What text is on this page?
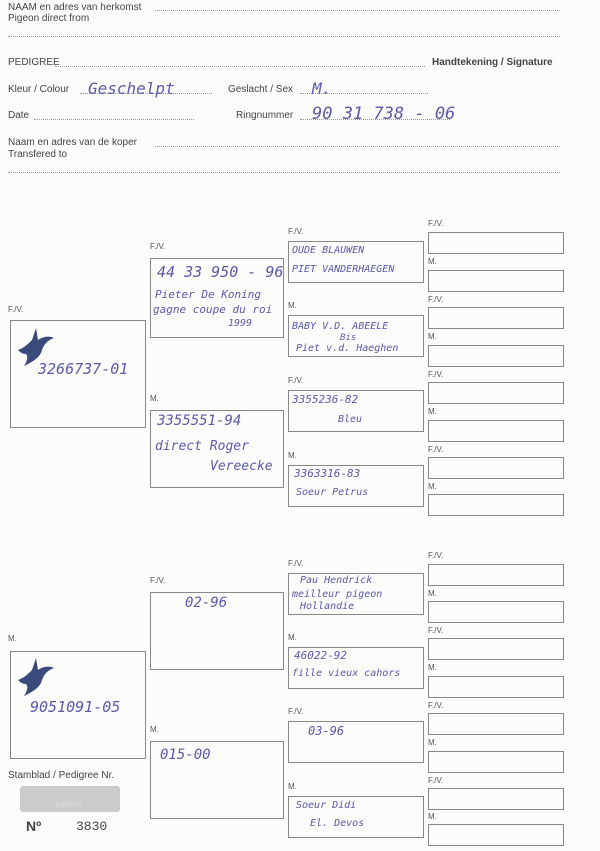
NAAM en adres van herkomst
Pigeon direct from
PEDIGREE	Handtekening / Signature
Kleur / Colour Geschelpt	Geslacht / Sex M.
Date	Ringnummer 90 31 738 - 06
Naam en adres van de koper
Transfered to
F./V.
3266737-01
F./V.
44 33 950 - 96
Pieter De Koning
gagne coupe du roi
1999
M.
3355551-94
direct Roger
Vereecke
F./V.
OUDE BLAUWEN
PIET VANDERHAEGEN
M.
BABY V.D. ABEELE
Bis
Piet v.d. Haeghen
F./V.
3355236-82
Bleu
M.
3363316-83
Soeur Petrus
F./V.
M.
F./V.
M.
F./V.
M.
F./V.
M.
M.
9051091-05
F./V.
02-96
M.
015-00
F./V.
Pau Hendrick
meilleur pigeon
Hollandie
M.
46022-92
fille vieux cahors
F./V.
03-96
M.
Soeur Didi
El. Devos
F./V.
M.
F./V.
M.
F./V.
M.
F./V.
M.
Stamblad / Pedigree Nr.
家鸽资讯
Nº	3830
